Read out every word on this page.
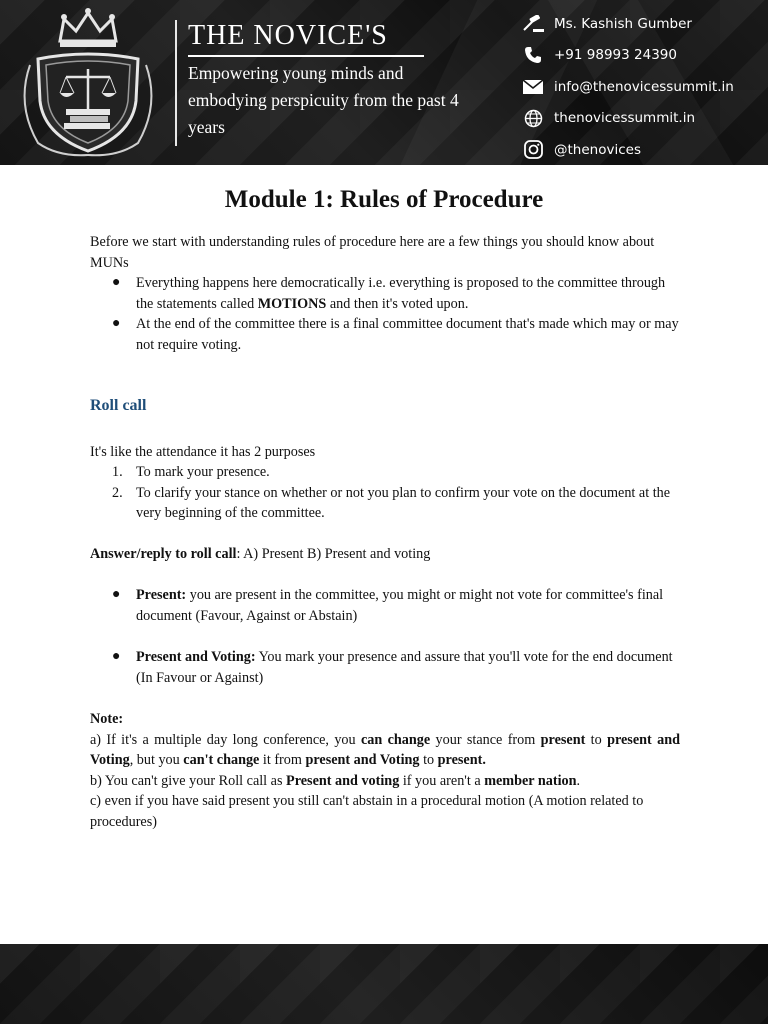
THE NOVICE'S
Empowering young minds and embodying perspicuity from the past 4 years
Ms. Kashish Gumber
+91 98993 24390
info@thenovicessummit.in
thenovicessummit.in
@thenovices
Module 1: Rules of Procedure

Before we start with understanding rules of procedure here are a few things you should know about MUNs

● Everything happens here democratically i.e. everything is proposed to the committee through the statements called MOTIONS and then it's voted upon.
● At the end of the committee there is a final committee document that's made which may or may not require voting.
Roll call

It's like the attendance it has 2 purposes

1. To mark your presence.
2. To clarify your stance on whether or not you plan to confirm your vote on the document at the very beginning of the committee.

Answer/reply to roll call: A) Present B) Present and voting

● Present: you are present in the committee, you might or might not vote for committee's final document (Favour, Against or Abstain)
● Present and Voting: You mark your presence and assure that you'll vote for the end document (In Favour or Against)

Note:

a) If it's a multiple day long conference, you can change your stance from present to present and Voting, but you can't change it from present and Voting to present.

b) You can't give your Roll call as Present and voting if you aren't a member nation.

c) even if you have said present you still can't abstain in a procedural motion (A motion related to procedures)
